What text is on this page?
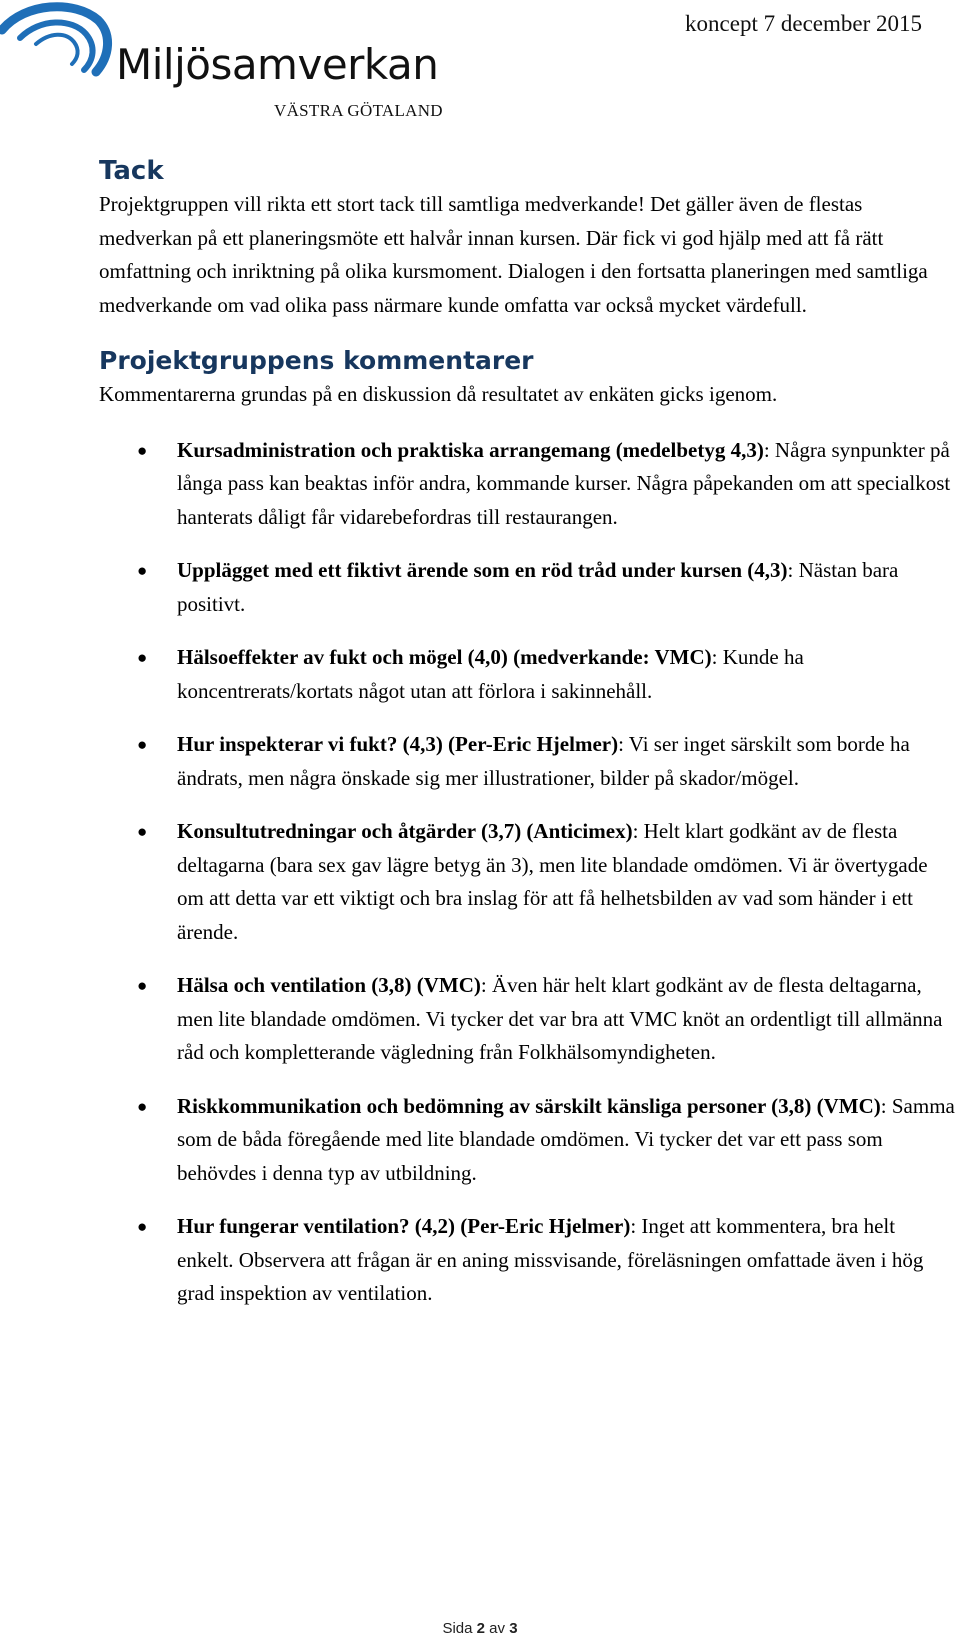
Miljösamverkan
VÄSTRA GÖTALAND
koncept 7 december 2015
Tack

Projektgruppen vill rikta ett stort tack till samtliga medverkande! Det gäller även de flestas medverkan på ett planeringsmöte ett halvår innan kursen. Där fick vi god hjälp med att få rätt omfattning och inriktning på olika kursmoment. Dialogen i den fortsatta planeringen med samtliga medverkande om vad olika pass närmare kunde omfatta var också mycket värdefull.

Projektgruppens kommentarer

Kommentarerna grundas på en diskussion då resultatet av enkäten gicks igenom.

● Kursadministration och praktiska arrangemang (medelbetyg 4,3): Några synpunkter på långa pass kan beaktas inför andra, kommande kurser. Några påpekanden om att specialkost hanterats dåligt får vidarebefordras till restaurangen.
● Upplägget med ett fiktivt ärende som en röd tråd under kursen (4,3): Nästan bara positivt.
● Hälsoeffekter av fukt och mögel (4,0) (medverkande: VMC): Kunde ha koncentrerats/kortats något utan att förlora i sakinnehåll.
● Hur inspekterar vi fukt? (4,3) (Per-Eric Hjelmer): Vi ser inget särskilt som borde ha ändrats, men några önskade sig mer illustrationer, bilder på skador/mögel.
● Konsultutredningar och åtgärder (3,7) (Anticimex): Helt klart godkänt av de flesta deltagarna (bara sex gav lägre betyg än 3), men lite blandade omdömen. Vi är övertygade om att detta var ett viktigt och bra inslag för att få helhetsbilden av vad som händer i ett ärende.
● Hälsa och ventilation (3,8) (VMC): Även här helt klart godkänt av de flesta deltagarna, men lite blandade omdömen. Vi tycker det var bra att VMC knöt an ordentligt till allmänna råd och kompletterande vägledning från Folkhälsomyndigheten.
● Riskkommunikation och bedömning av särskilt känsliga personer (3,8) (VMC): Samma som de båda föregående med lite blandade omdömen. Vi tycker det var ett pass som behövdes i denna typ av utbildning.
● Hur fungerar ventilation? (4,2) (Per-Eric Hjelmer): Inget att kommentera, bra helt enkelt. Observera att frågan är en aning missvisande, föreläsningen omfattade även i hög grad inspektion av ventilation.
Sida 2 av 3
